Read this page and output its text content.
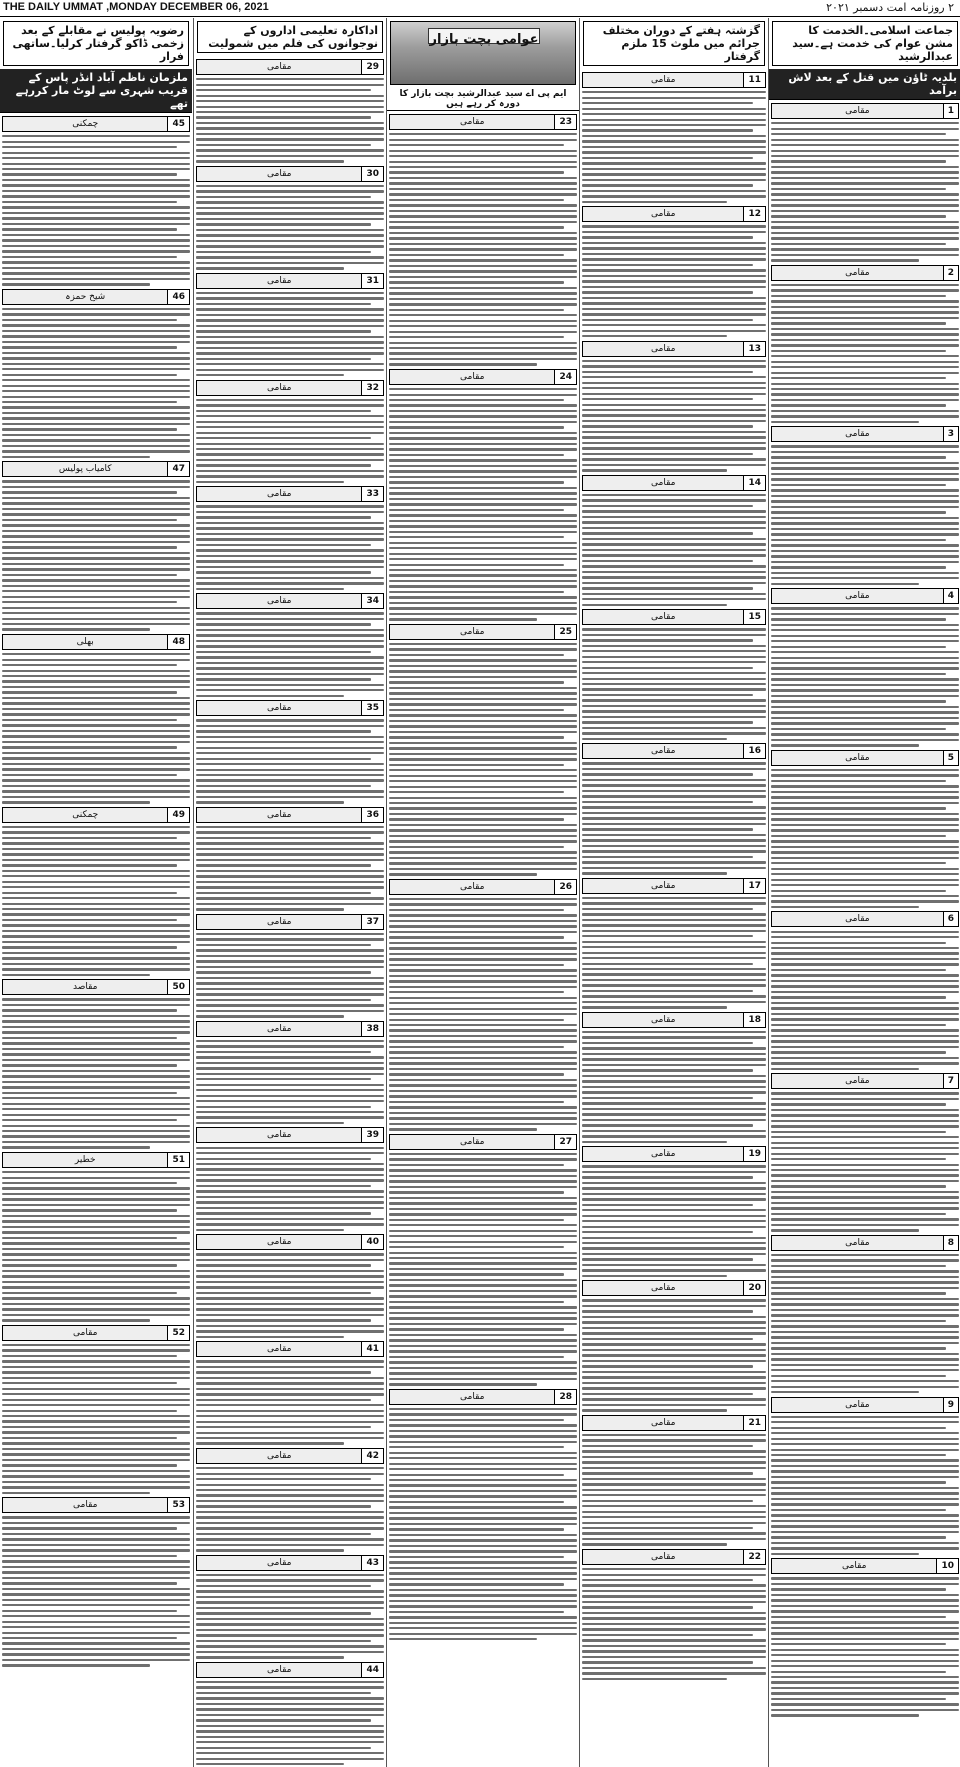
THE DAILY UMMAT ,MONDAY DECEMBER 06, 2021	۲ روزنامہ امت دسمبر ۲۰۲۱
رضویہ پولیس نے مقابلے کے بعد زخمی ڈاکو گرفتار کرلیا۔ساتھی فرار
ملزمان ناظم آباد انڈر پاس کے قریب شہری سے لوٹ مار کررہے تھے
45
چمکنی
46
شیخ حمزہ
47
کامیاب پولیس
48
بھلی
49
چمکنی
50
مقاصد
51
خطیر
52
مقامی
53
مقامی
اداکارہ تعلیمی اداروں کے نوجوانوں کی فلم میں شمولیت
29
مقامی
30
مقامی
31
مقامی
32
مقامی
33
مقامی
34
مقامی
35
مقامی
36
مقامی
37
مقامی
38
مقامی
39
مقامی
40
مقامی
41
مقامی
42
مقامی
43
مقامی
44
مقامی
عوامی بچت بازار
ایم پی اے سید عبدالرشید بچت بازار کا دورہ کر رہے ہیں
23
مقامی
24
مقامی
25
مقامی
26
مقامی
27
مقامی
28
مقامی
گزشتہ ہفتے کے دوران مختلف جرائم میں ملوث 15 ملزم گرفتار
11
مقامی
12
مقامی
13
مقامی
14
مقامی
15
مقامی
16
مقامی
17
مقامی
18
مقامی
19
مقامی
20
مقامی
21
مقامی
22
مقامی
جماعت اسلامی۔الخدمت کا مشن عوام کی خدمت ہے۔سید عبدالرشید
بلدیہ ٹاؤن میں قتل کے بعد لاش برآمد
1
مقامی
2
مقامی
3
مقامی
4
مقامی
5
مقامی
6
مقامی
7
مقامی
8
مقامی
9
مقامی
10
مقامی
